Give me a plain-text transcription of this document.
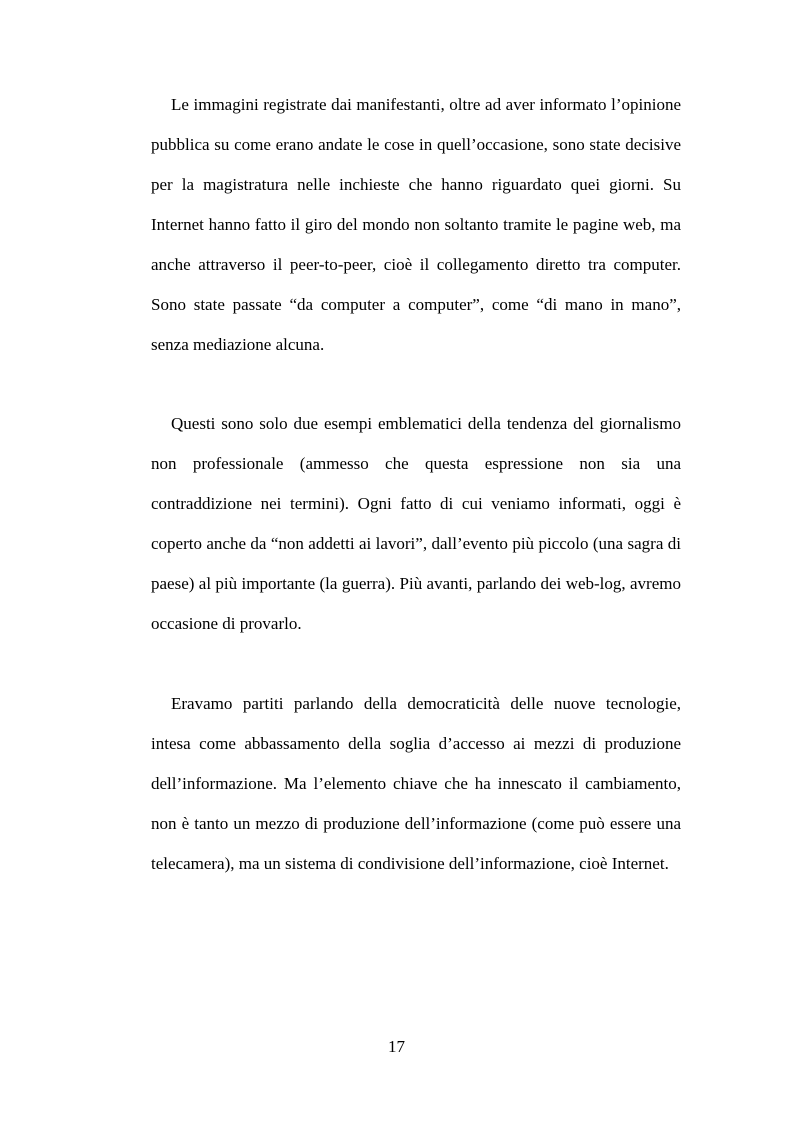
Le immagini registrate dai manifestanti, oltre ad aver informato l’opinione pubblica su come erano andate le cose in quell’occasione, sono state decisive per la magistratura nelle inchieste che hanno riguardato quei giorni. Su Internet hanno fatto il giro del mondo non soltanto tramite le pagine web, ma anche attraverso il peer-to-peer, cioè il collegamento diretto tra computer. Sono state passate “da computer a computer”, come “di mano in mano”, senza mediazione alcuna.

Questi sono solo due esempi emblematici della tendenza del giornalismo non professionale (ammesso che questa espressione non sia una contraddizione nei termini). Ogni fatto di cui veniamo informati, oggi è coperto anche da “non addetti ai lavori”, dall’evento più piccolo (una sagra di paese) al più importante (la guerra). Più avanti, parlando dei web-log, avremo occasione di provarlo.

Eravamo partiti parlando della democraticità delle nuove tecnologie, intesa come abbassamento della soglia d’accesso ai mezzi di produzione dell’informazione. Ma l’elemento chiave che ha innescato il cambiamento, non è tanto un mezzo di produzione dell’informazione (come può essere una telecamera), ma un sistema di condivisione dell’informazione, cioè Internet.

17
